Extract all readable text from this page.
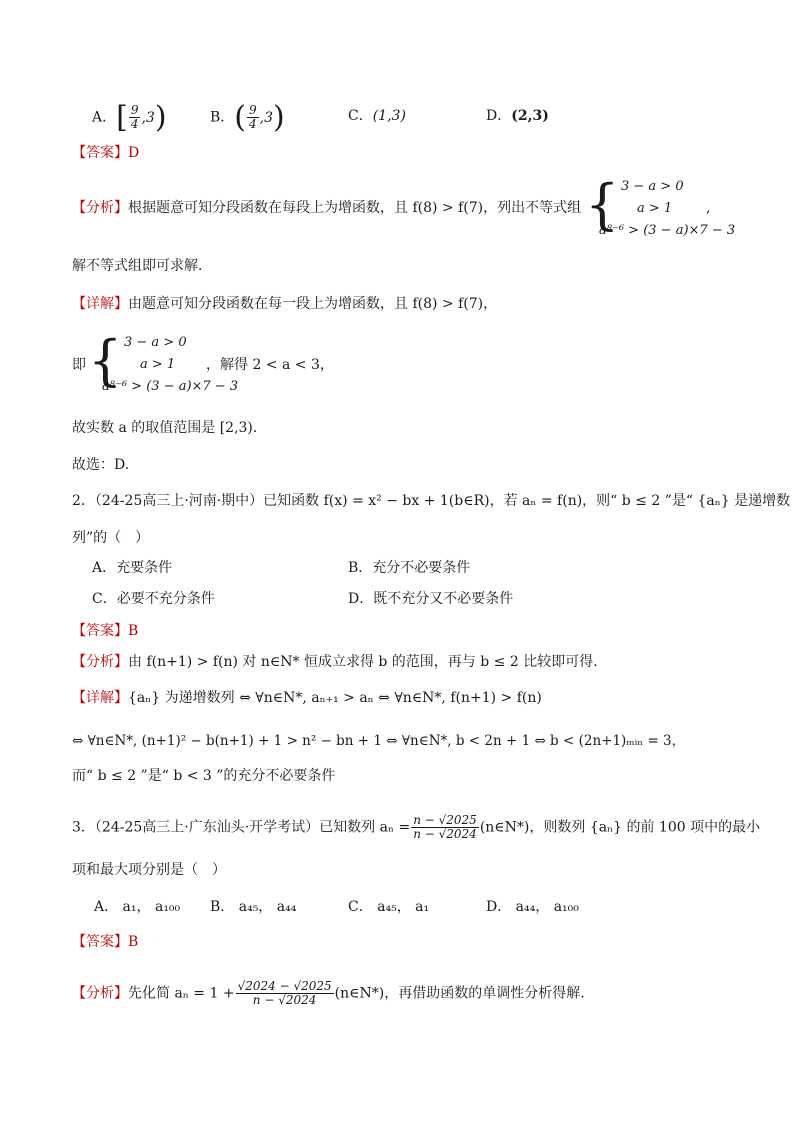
A．[ $\frac{9}{4} ,3$)	B．( $\frac{9}{4} ,3$)	C．(1,3)	D．(2,3)
【答案】D
【分析】根据题意可知分段函数在每段上为增函数，且 f(8) > f(7)，列出不等式组 { 3 − a > 0
a > 1
a⁸⁻⁶ > (3 − a)×7 − 3
,
解不等式组即可求解．
【详解】由题意可知分段函数在每一段上为增函数，且 f(8) > f(7)，
即 { 3 − a > 0
a > 1
a⁸⁻⁶ > (3 − a)×7 − 3
，解得 2 < a < 3，
故实数 a 的取值范围是 [2,3)．
故选：D.
2．（24-25高三上·河南·期中）已知函数 f(x) = x² − bx + 1(b∈R)，若 aₙ = f(n)，则“ b ≤ 2 ”是“ {aₙ} 是递增数
列”的（　）
A．充要条件	B．充分不必要条件
C．必要不充分条件	D．既不充分又不必要条件
【答案】B
【分析】由 f(n+1) > f(n) 对 n∈N* 恒成立求得 b 的范围，再与 b ≤ 2 比较即可得．
【详解】{aₙ} 为递增数列 ⇔ ∀n∈N*, aₙ₊₁ > aₙ ⇔ ∀n∈N*, f(n+1) > f(n)
⇔ ∀n∈N*, (n+1)² − b(n+1) + 1 > n² − bn + 1 ⇔ ∀n∈N*, b < 2n + 1 ⇔ b < (2n+1)ₘᵢₙ = 3，
而“ b ≤ 2 ”是“ b < 3 ”的充分不必要条件
3．（24-25高三上·广东汕头·开学考试）已知数列 $a_n = \frac{n - √2025}{n - √2024}$ (n∈N*)，则数列 {aₙ} 的前 100 项中的最小
项和最大项分别是（　）
A． a₁， a₁₀₀ B． a₄₅， a₄₄	C． a₄₅， a₁	D． a₄₄， a₁₀₀
【答案】B
【分析】先化简 $a_n = 1 + \frac{√2024 - √2025}{n - √2024}$ (n∈N*)，再借助函数的单调性分析得解.
